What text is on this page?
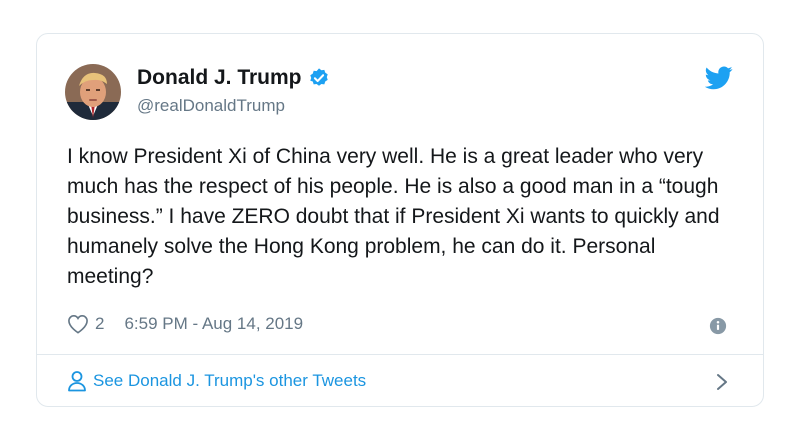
Donald J. Trump
@realDonaldTrump

I know President Xi of China very well. He is a great leader who very much has the respect of his people. He is also a good man in a “tough business.” I have ZERO doubt that if President Xi wants to quickly and humanely solve the Hong Kong problem, he can do it. Personal meeting?

2 6:59 PM - Aug 14, 2019
See Donald J. Trump's other Tweets
